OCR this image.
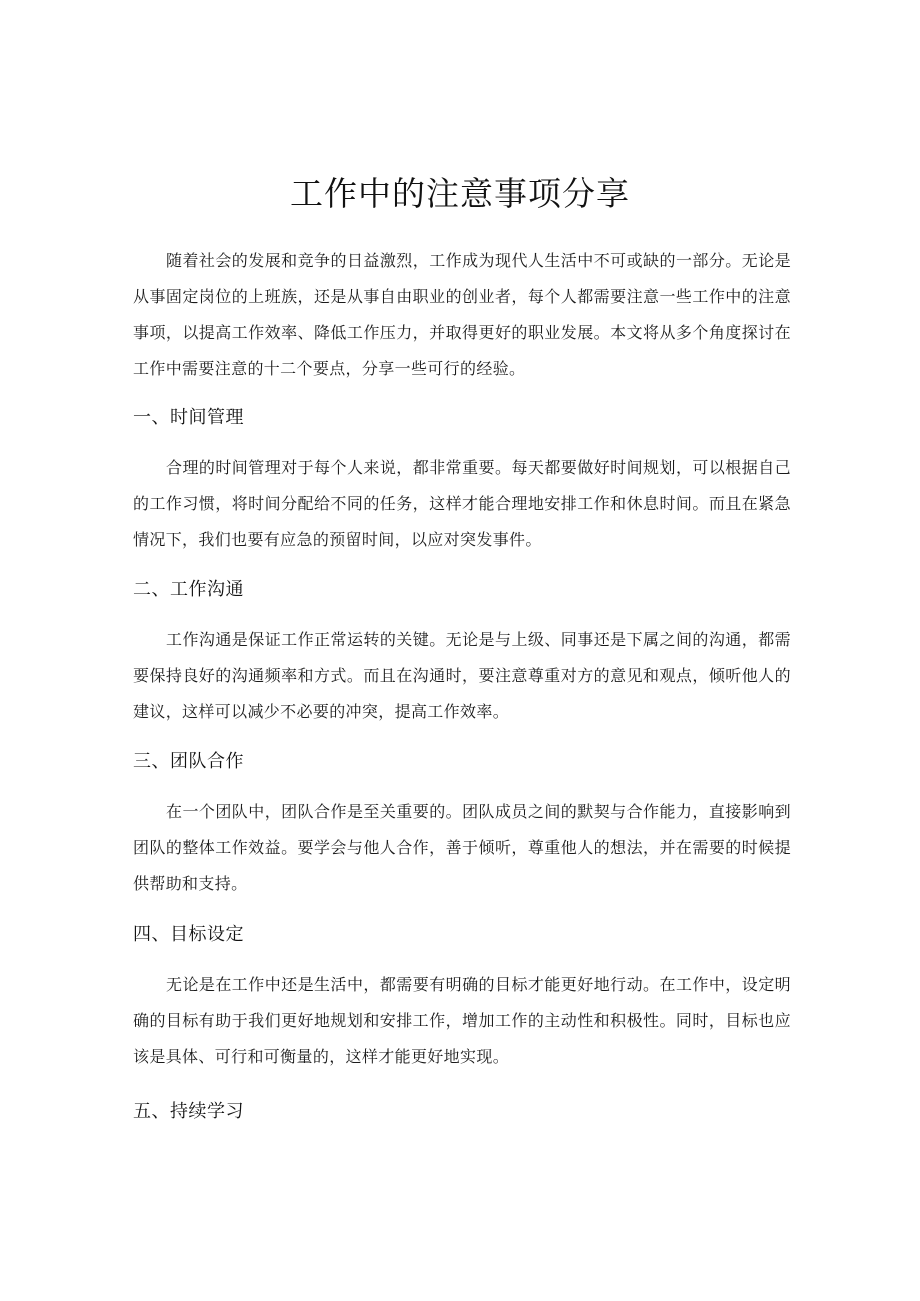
工作中的注意事项分享

随着社会的发展和竞争的日益激烈，工作成为现代人生活中不可或缺的一部分。无论是从事固定岗位的上班族，还是从事自由职业的创业者，每个人都需要注意一些工作中的注意事项，以提高工作效率、降低工作压力，并取得更好的职业发展。本文将从多个角度探讨在工作中需要注意的十二个要点，分享一些可行的经验。

一、时间管理

合理的时间管理对于每个人来说，都非常重要。每天都要做好时间规划，可以根据自己的工作习惯，将时间分配给不同的任务，这样才能合理地安排工作和休息时间。而且在紧急情况下，我们也要有应急的预留时间，以应对突发事件。

二、工作沟通

工作沟通是保证工作正常运转的关键。无论是与上级、同事还是下属之间的沟通，都需要保持良好的沟通频率和方式。而且在沟通时，要注意尊重对方的意见和观点，倾听他人的建议，这样可以减少不必要的冲突，提高工作效率。

三、团队合作

在一个团队中，团队合作是至关重要的。团队成员之间的默契与合作能力，直接影响到团队的整体工作效益。要学会与他人合作，善于倾听，尊重他人的想法，并在需要的时候提供帮助和支持。

四、目标设定

无论是在工作中还是生活中，都需要有明确的目标才能更好地行动。在工作中，设定明确的目标有助于我们更好地规划和安排工作，增加工作的主动性和积极性。同时，目标也应该是具体、可行和可衡量的，这样才能更好地实现。

五、持续学习
